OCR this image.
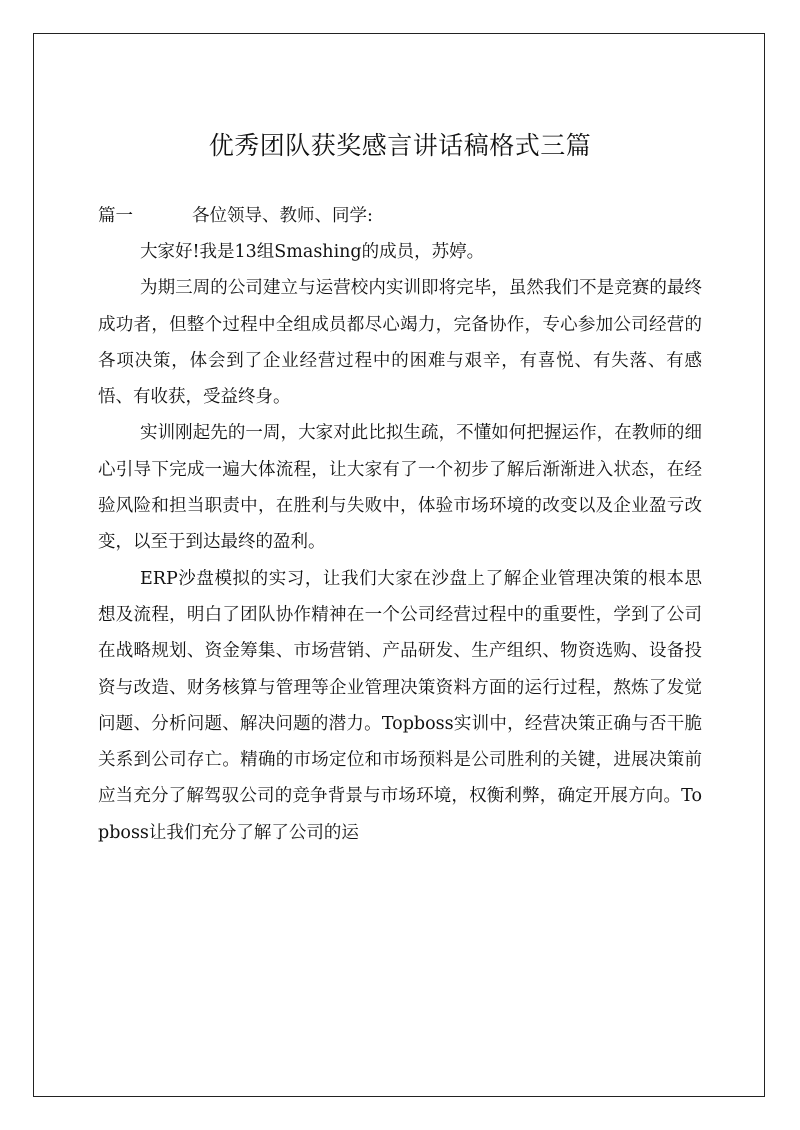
优秀团队获奖感言讲话稿格式三篇

篇一	各位领导、教师、同学:

大家好!我是13组Smashing的成员，苏婷。

为期三周的公司建立与运营校内实训即将完毕，虽然我们不是竞赛的最终成功者，但整个过程中全组成员都尽心竭力，完备协作，专心参加公司经营的各项决策，体会到了企业经营过程中的困难与艰辛，有喜悦、有失落、有感悟、有收获，受益终身。

实训刚起先的一周，大家对此比拟生疏，不懂如何把握运作，在教师的细心引导下完成一遍大体流程，让大家有了一个初步了解后渐渐进入状态，在经验风险和担当职责中，在胜利与失败中，体验市场环境的改变以及企业盈亏改变，以至于到达最终的盈利。

ERP沙盘模拟的实习，让我们大家在沙盘上了解企业管理决策的根本思想及流程，明白了团队协作精神在一个公司经营过程中的重要性，学到了公司在战略规划、资金筹集、市场营销、产品研发、生产组织、物资选购、设备投资与改造、财务核算与管理等企业管理决策资料方面的运行过程，熬炼了发觉问题、分析问题、解决问题的潜力。Topboss实训中，经营决策正确与否干脆关系到公司存亡。精确的市场定位和市场预料是公司胜利的关键，进展决策前应当充分了解驾驭公司的竞争背景与市场环境，权衡利弊，确定开展方向。Topboss让我们充分了解了公司的运
